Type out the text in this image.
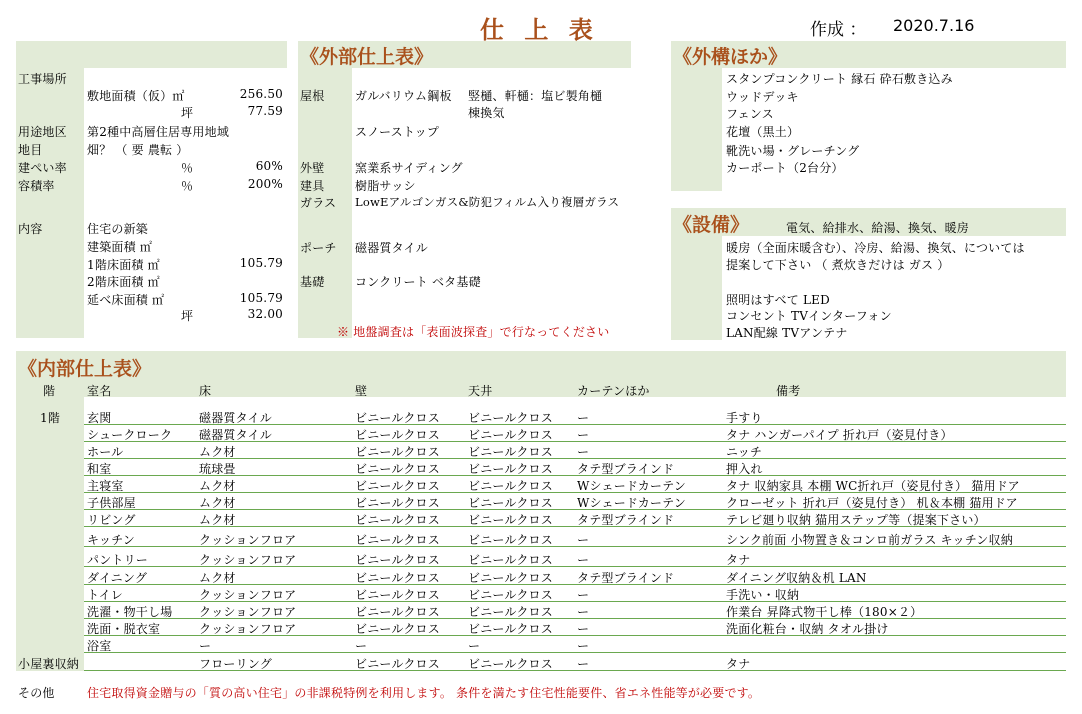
仕 上 表	作成 ： 2020.7.16
工事場所
敷地面積（仮）㎡	256.50
坪	77.59
用途地区 第2種中高層住居専用地域
地目	畑？ （ 要 農転 ）
建ぺい率	％	60%
容積率	％	200%
内容	住宅の新築
建築面積 ㎡
1階床面積 ㎡	105.79
2階床面積 ㎡
延べ床面積 ㎡	105.79
坪	32.00
《外部仕上表》
屋根	ガルバリウム鋼板 竪樋、軒樋：塩ビ製角樋
棟換気
スノーストップ
外壁	窯業系サイディング
建具	樹脂サッシ
ガラス LowEアルゴンガス&防犯フィルム入り複層ガラス
ポーチ 磁器質タイル
基礎	コンクリート ベタ基礎
※ 地盤調査は「表面波探査」で行なってください
《外構ほか》
スタンプコンクリート 縁石 砕石敷き込み
ウッドデッキ
フェンス
花壇（黒土）
靴洗い場・グレーチング
カーポート（2台分）
《設備》	電気、給排水、給湯、換気、暖房
暖房（全面床暖含む）、冷房、給湯、換気、については
提案して下さい （ 煮炊きだけは ガス ）
照明はすべて LED
コンセント TVインターフォン
LAN配線 TVアンテナ
《内部仕上表》
階	室名	床	壁	天井	カーテンほか	備考
1階 玄関	磁器質タイル	ビニールクロス ビニールクロス ー	手すり
シュークローク 磁器質タイル	ビニールクロス ビニールクロス ー	タナ ハンガーパイプ 折れ戸（姿見付き）
ホール	ムク材	ビニールクロス ビニールクロス ー	ニッチ
和室	琉球畳	ビニールクロス ビニールクロス タテ型ブラインド	押入れ
主寝室	ムク材	ビニールクロス ビニールクロス Wシェードカーテン	タナ 収納家具 本棚 WC折れ戸（姿見付き） 猫用ドア
子供部屋	ムク材	ビニールクロス ビニールクロス Wシェードカーテン	クローゼット 折れ戸（姿見付き） 机＆本棚 猫用ドア
リビング	ムク材	ビニールクロス ビニールクロス タテ型ブラインド	テレビ廻り収納 猫用ステップ等（提案下さい）
キッチン	クッションフロア	ビニールクロス ビニールクロス ー	シンク前面 小物置き＆コンロ前ガラス キッチン収納
パントリー	クッションフロア	ビニールクロス ビニールクロス ー	タナ
ダイニング	ムク材	ビニールクロス ビニールクロス タテ型ブラインド	ダイニング収納＆机 LAN
トイレ	クッションフロア	ビニールクロス ビニールクロス ー	手洗い・収納
洗濯・物干し場 クッションフロア	ビニールクロス ビニールクロス ー	作業台 昇降式物干し棒（180×２）
洗面・脱衣室	クッションフロア	ビニールクロス ビニールクロス ー	洗面化粧台・収納 タオル掛け
浴室	ー	ー	ー	ー
小屋裏収納	フローリング	ビニールクロス ビニールクロス ー	タナ
その他	住宅取得資金贈与の「質の高い住宅」の非課税特例を利用します。 条件を満たす住宅性能要件、省エネ性能等が必要です。
